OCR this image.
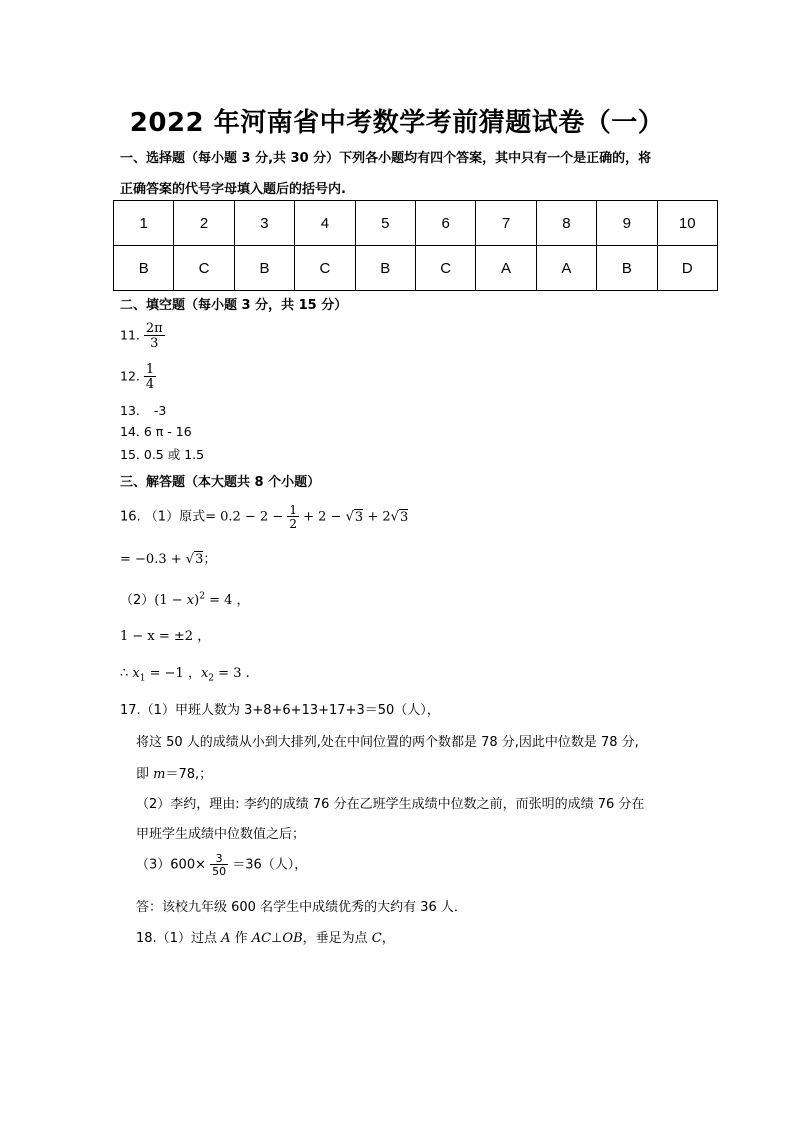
2022 年河南省中考数学考前猜题试卷（一）
一、选择题（每小题 3 分,共 30 分）下列各小题均有四个答案，其中只有一个是正确的，将
正确答案的代号字母填入题后的括号内.
1	2	3	4	5	6	7	8	9	10
B	C	B	C	B	C	A	A	B	D
二、填空题（每小题 3 分，共 15 分）
11. $\frac{2\pi}{3}$
12. $\frac{1}{4}$
13. -3
14. 6 π - 16
15. 0.5 或 1.5
三、解答题（本大题共 8 个小题）
16. （1）原式= $0.2 - 2 - \frac{1}{2} + 2 - √3 + 2√3$
= −0.3 + √3；
$(2)(1 - x)^2 = 4$ ，
1 − x = ±2 ，
∴ $x_1 = -1$ ，$x_2 = 3$ .
17.（1）甲班人数为 3+8+6+13+17+3＝50（人），
将这 50 人的成绩从小到大排列,处在中间位置的两个数都是 78 分,因此中位数是 78 分,
即 m＝78,；
（2）李约，理由: 李约的成绩 76 分在乙班学生成绩中位数之前，而张明的成绩 76 分在
甲班学生成绩中位数值之后；
$(3)600\times \frac{3}{50} =36$（人），
答：该校九年级 600 名学生中成绩优秀的大约有 36 人．
18.（1）过点 A 作 AC⊥OB，垂足为点 C，
